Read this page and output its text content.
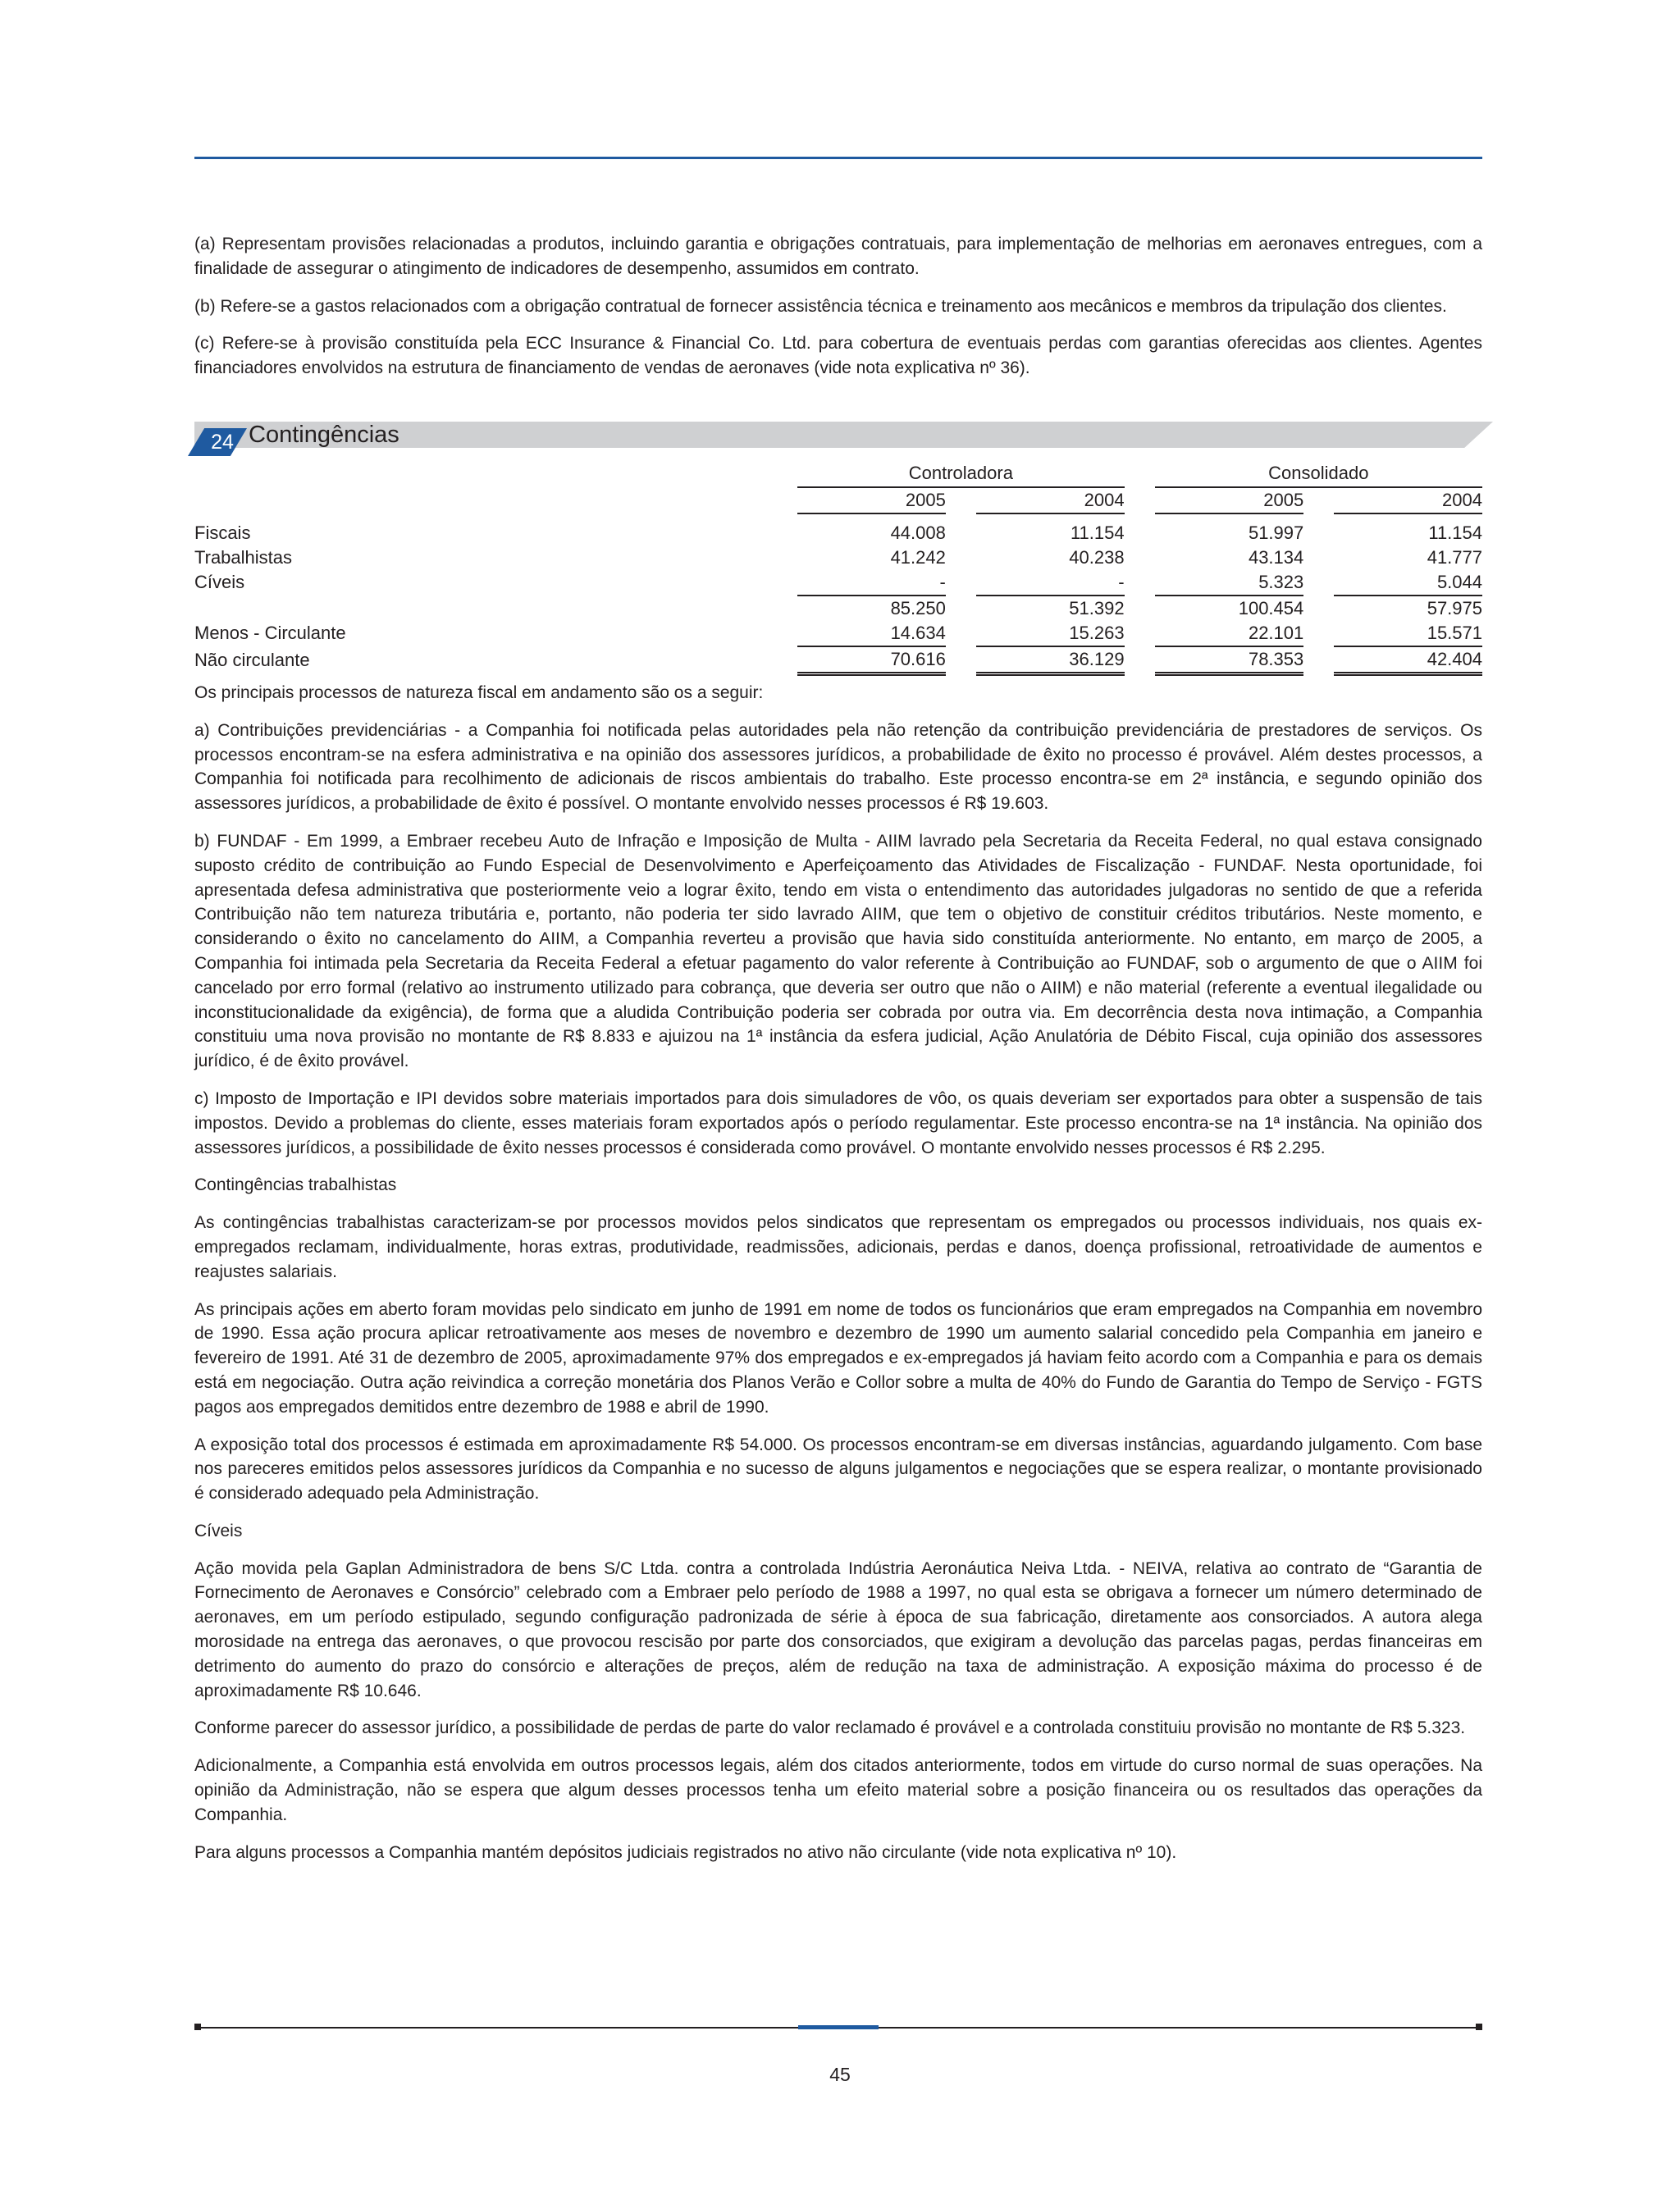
(a) Representam provisões relacionadas a produtos, incluindo garantia e obrigações contratuais, para implementação de melhorias em aeronaves entregues, com a finalidade de assegurar o atingimento de indicadores de desempenho, assumidos em contrato.

(b) Refere-se a gastos relacionados com a obrigação contratual de fornecer assistência técnica e treinamento aos mecânicos e membros da tripulação dos clientes.

(c) Refere-se à provisão constituída pela ECC Insurance & Financial Co. Ltd. para cobertura de eventuais perdas com garantias oferecidas aos clientes. Agentes financiadores envolvidos na estrutura de financiamento de vendas de aeronaves (vide nota explicativa nº 36).

24 Contingências

	Controladora				Consolidado		

	2005		2004		2005		2004

Fiscais	44.008		11.154		51.997		11.154
Trabalhistas	41.242		40.238		43.134		41.777
Cíveis	-		-		5.323		5.044
	85.250		51.392		100.454		57.975
Menos - Circulante	14.634		15.263		22.101		15.571
Não circulante	70.616		36.129		78.353		42.404

Os principais processos de natureza fiscal em andamento são os a seguir:

a) Contribuições previdenciárias - a Companhia foi notificada pelas autoridades pela não retenção da contribuição previdenciária de prestadores de serviços. Os processos encontram-se na esfera administrativa e na opinião dos assessores jurídicos, a probabilidade de êxito no processo é provável. Além destes processos, a Companhia foi notificada para recolhimento de adicionais de riscos ambientais do trabalho. Este processo encontra-se em 2ª instância, e segundo opinião dos assessores jurídicos, a probabilidade de êxito é possível. O montante envolvido nesses processos é R$ 19.603.

b) FUNDAF - Em 1999, a Embraer recebeu Auto de Infração e Imposição de Multa - AIIM lavrado pela Secretaria da Receita Federal, no qual estava consignado suposto crédito de contribuição ao Fundo Especial de Desenvolvimento e Aperfeiçoamento das Atividades de Fiscalização - FUNDAF. Nesta oportunidade, foi apresentada defesa administrativa que posteriormente veio a lograr êxito, tendo em vista o entendimento das autoridades julgadoras no sentido de que a referida Contribuição não tem natureza tributária e, portanto, não poderia ter sido lavrado AIIM, que tem o objetivo de constituir créditos tributários. Neste momento, e considerando o êxito no cancelamento do AIIM, a Companhia reverteu a provisão que havia sido constituída anteriormente. No entanto, em março de 2005, a Companhia foi intimada pela Secretaria da Receita Federal a efetuar pagamento do valor referente à Contribuição ao FUNDAF, sob o argumento de que o AIIM foi cancelado por erro formal (relativo ao instrumento utilizado para cobrança, que deveria ser outro que não o AIIM) e não material (referente a eventual ilegalidade ou inconstitucionalidade da exigência), de forma que a aludida Contribuição poderia ser cobrada por outra via. Em decorrência desta nova intimação, a Companhia constituiu uma nova provisão no montante de R$ 8.833 e ajuizou na 1ª instância da esfera judicial, Ação Anulatória de Débito Fiscal, cuja opinião dos assessores jurídico, é de êxito provável.

c) Imposto de Importação e IPI devidos sobre materiais importados para dois simuladores de vôo, os quais deveriam ser exportados para obter a suspensão de tais impostos. Devido a problemas do cliente, esses materiais foram exportados após o período regulamentar. Este processo encontra-se na 1ª instância. Na opinião dos assessores jurídicos, a possibilidade de êxito nesses processos é considerada como provável. O montante envolvido nesses processos é R$ 2.295.

Contingências trabalhistas

As contingências trabalhistas caracterizam-se por processos movidos pelos sindicatos que representam os empregados ou processos individuais, nos quais ex-empregados reclamam, individualmente, horas extras, produtividade, readmissões, adicionais, perdas e danos, doença profissional, retroatividade de aumentos e reajustes salariais.

As principais ações em aberto foram movidas pelo sindicato em junho de 1991 em nome de todos os funcionários que eram empregados na Companhia em novembro de 1990. Essa ação procura aplicar retroativamente aos meses de novembro e dezembro de 1990 um aumento salarial concedido pela Companhia em janeiro e fevereiro de 1991. Até 31 de dezembro de 2005, aproximadamente 97% dos empregados e ex-empregados já haviam feito acordo com a Companhia e para os demais está em negociação. Outra ação reivindica a correção monetária dos Planos Verão e Collor sobre a multa de 40% do Fundo de Garantia do Tempo de Serviço - FGTS pagos aos empregados demitidos entre dezembro de 1988 e abril de 1990.

A exposição total dos processos é estimada em aproximadamente R$ 54.000. Os processos encontram-se em diversas instâncias, aguardando julgamento. Com base nos pareceres emitidos pelos assessores jurídicos da Companhia e no sucesso de alguns julgamentos e negociações que se espera realizar, o montante provisionado é considerado adequado pela Administração.

Cíveis

Ação movida pela Gaplan Administradora de bens S/C Ltda. contra a controlada Indústria Aeronáutica Neiva Ltda. - NEIVA, relativa ao contrato de “Garantia de Fornecimento de Aeronaves e Consórcio” celebrado com a Embraer pelo período de 1988 a 1997, no qual esta se obrigava a fornecer um número determinado de aeronaves, em um período estipulado, segundo configuração padronizada de série à época de sua fabricação, diretamente aos consorciados. A autora alega morosidade na entrega das aeronaves, o que provocou rescisão por parte dos consorciados, que exigiram a devolução das parcelas pagas, perdas financeiras em detrimento do aumento do prazo do consórcio e alterações de preços, além de redução na taxa de administração. A exposição máxima do processo é de aproximadamente R$ 10.646.

Conforme parecer do assessor jurídico, a possibilidade de perdas de parte do valor reclamado é provável e a controlada constituiu provisão no montante de R$ 5.323.

Adicionalmente, a Companhia está envolvida em outros processos legais, além dos citados anteriormente, todos em virtude do curso normal de suas operações. Na opinião da Administração, não se espera que algum desses processos tenha um efeito material sobre a posição financeira ou os resultados das operações da Companhia.

Para alguns processos a Companhia mantém depósitos judiciais registrados no ativo não circulante (vide nota explicativa nº 10).

45
